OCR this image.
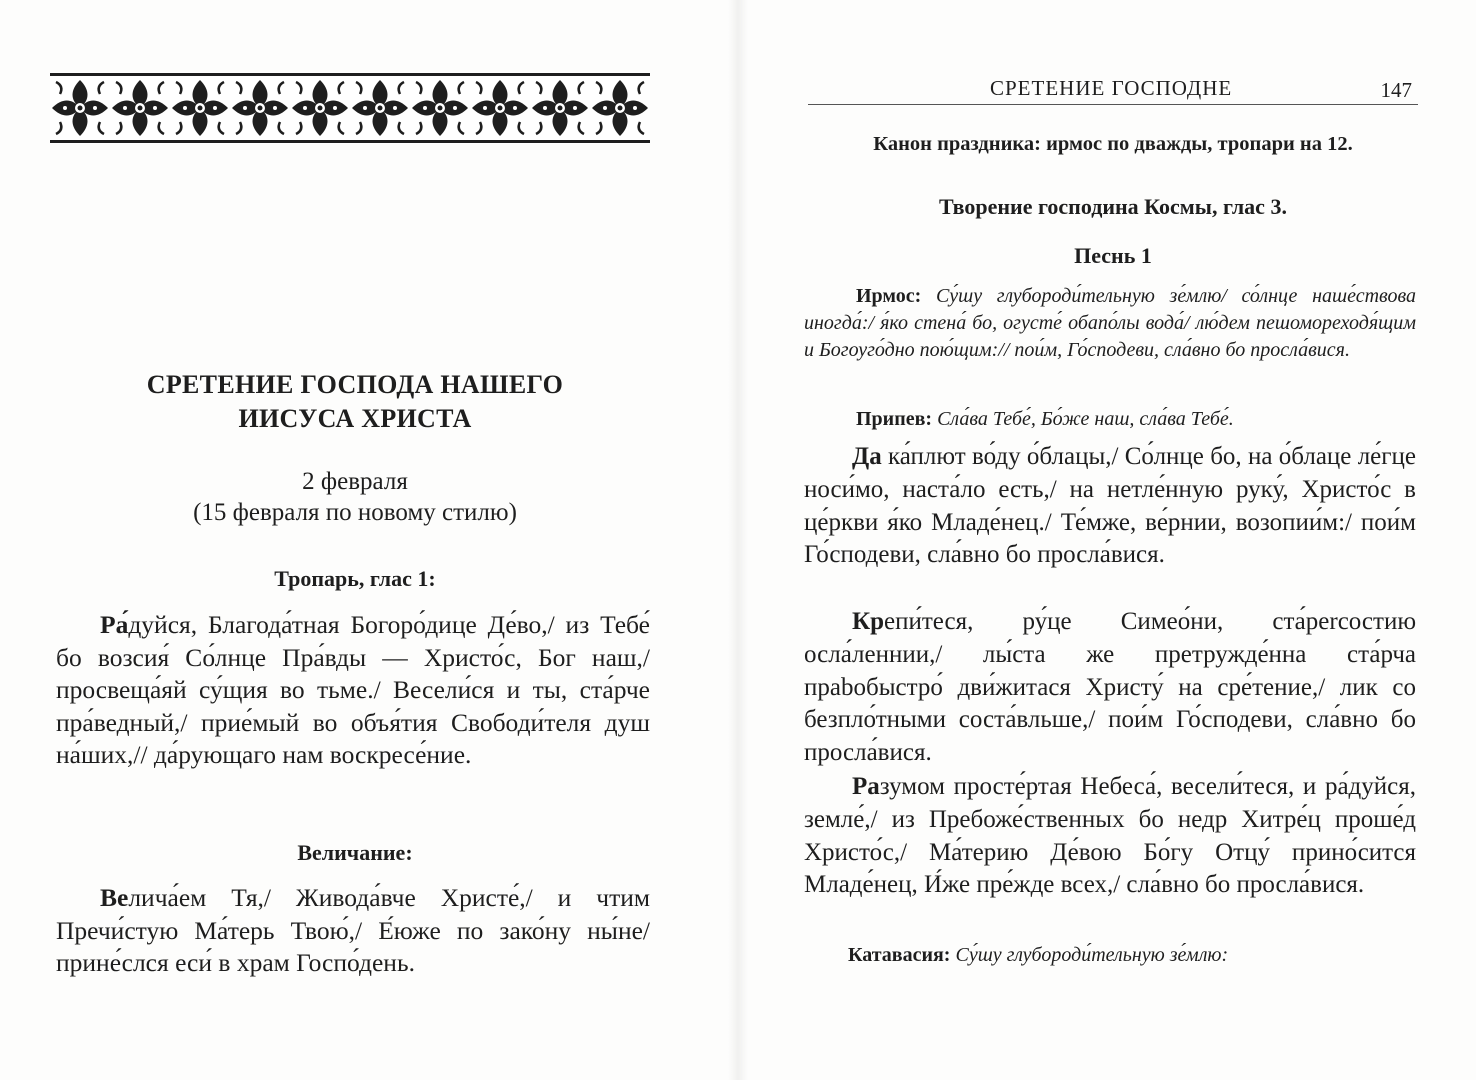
СРЕТЕНИЕ ГОСПОДА НАШЕГО
ИИСУСА ХРИСТА
2 февраля
(15 февраля по новому стилю)
Тропарь, глас 1:
Ра́дуйся, Благода́тная Богоро́дице Де́во,/ из Тебе́ бо возсия́ Со́лнце Пра́вды — Христо́с, Бог наш,/ просвеща́яй су́щия во тьме./ Весели́ся и ты, ста́рче пра́ведный,/ прие́мый во объя́тия Свободи́теля душ на́ших,// да́рующаго нам воскресе́ние.
Величание:
Велича́ем Тя,/ Живода́вче Христе́,/ и чтим Пречи́стую Ма́терь Твою́,/ Е́юже по зако́ну ны́не/ прине́слся еси́ в храм Госпо́день.
СРЕТЕНИЕ ГОСПОДНЕ	147
Канон праздника: ирмос по дважды, тропари на 12.
Творение господина Космы, глас 3.
Песнь 1
Ирмос: Су́шу глубороди́тельную зе́млю/ со́лнце наше́ствова иногда́:/ я́ко стена́ бо, огусте́ обапо́лы вода́/ лю́дем пешомореходя́щим и Богоуго́дно пою́щим:// пои́м, Го́сподеви, сла́вно бо просла́вися.
Припев: Сла́ва Тебе́, Бо́же наш, сла́ва Тебе́.
Да ка́плют во́ду о́блацы,/ Со́лнце бо, на о́блаце ле́гце носи́мо, наста́ло есть,/ на нетле́нную руку́, Христо́с в це́ркви я́ко Младе́нец./ Те́мже, ве́рнии, возопии́м:/ пои́м Го́сподеви, сла́вно бо просла́вися.
Крепи́теся, ру́це Симео́ни, ста́percостию осла́леннии,/ лы́ста же претружде́нна ста́рча прaboбыстро́ дви́житася Христу́ на сре́тение,/ лик со безпло́тными соста́вльше,/ пои́м Го́сподеви, сла́вно бо просла́вися.
Разумом просте́ртая Небеса́, весели́теся, и ра́дуйся, земле́,/ из Пребоже́ственных бо недр Хитре́ц проше́д Христо́с,/ Ма́терию Де́вою Бо́гу Отцу́ прино́сится Младе́нец, И́же пре́жде всех,/ сла́вно бо просла́вися.
Катавасия: Су́шу глубороди́тельную зе́млю:
